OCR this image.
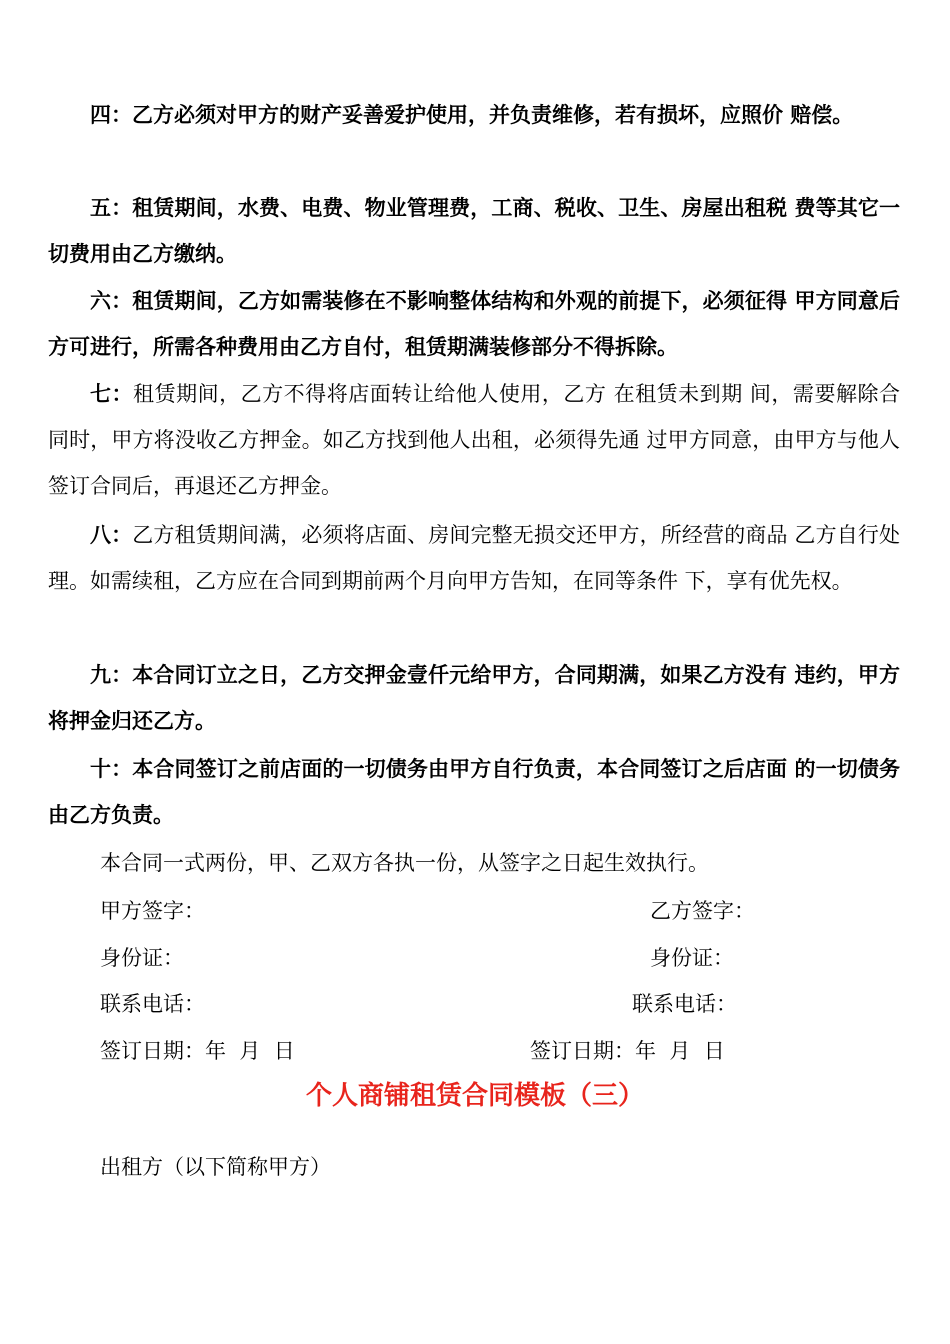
四：乙方必须对甲方的财产妥善爱护使用，并负责维修，若有损坏，应照价 赔偿。

五：租赁期间，水费、电费、物业管理费，工商、税收、卫生、房屋出租税 费等其它一切费用由乙方缴纳。

六：租赁期间，乙方如需装修在不影响整体结构和外观的前提下，必须征得 甲方同意后方可进行，所需各种费用由乙方自付，租赁期满装修部分不得拆除。

七：租赁期间，乙方不得将店面转让给他人使用，乙方 在租赁未到期 间，需要解除合同时，甲方将没收乙方押金。如乙方找到他人出租，必须得先通 过甲方同意，由甲方与他人签订合同后，再退还乙方押金。

八：乙方租赁期间满，必须将店面、房间完整无损交还甲方，所经营的商品 乙方自行处理。如需续租，乙方应在合同到期前两个月向甲方告知，在同等条件 下，享有优先权。

九：本合同订立之日，乙方交押金壹仟元给甲方，合同期满，如果乙方没有 违约，甲方将押金归还乙方。

十：本合同签订之前店面的一切债务由甲方自行负责，本合同签订之后店面 的一切债务由乙方负责。

本合同一式两份，甲、乙双方各执一份，从签字之日起生效执行。

甲方签字：	乙方签字：

身份证：	身份证：

联系电话：	联系电话：

签订日期：年  月  日	签订日期：年  月  日

个人商铺租赁合同模板（三）

出租方（以下简称甲方）
